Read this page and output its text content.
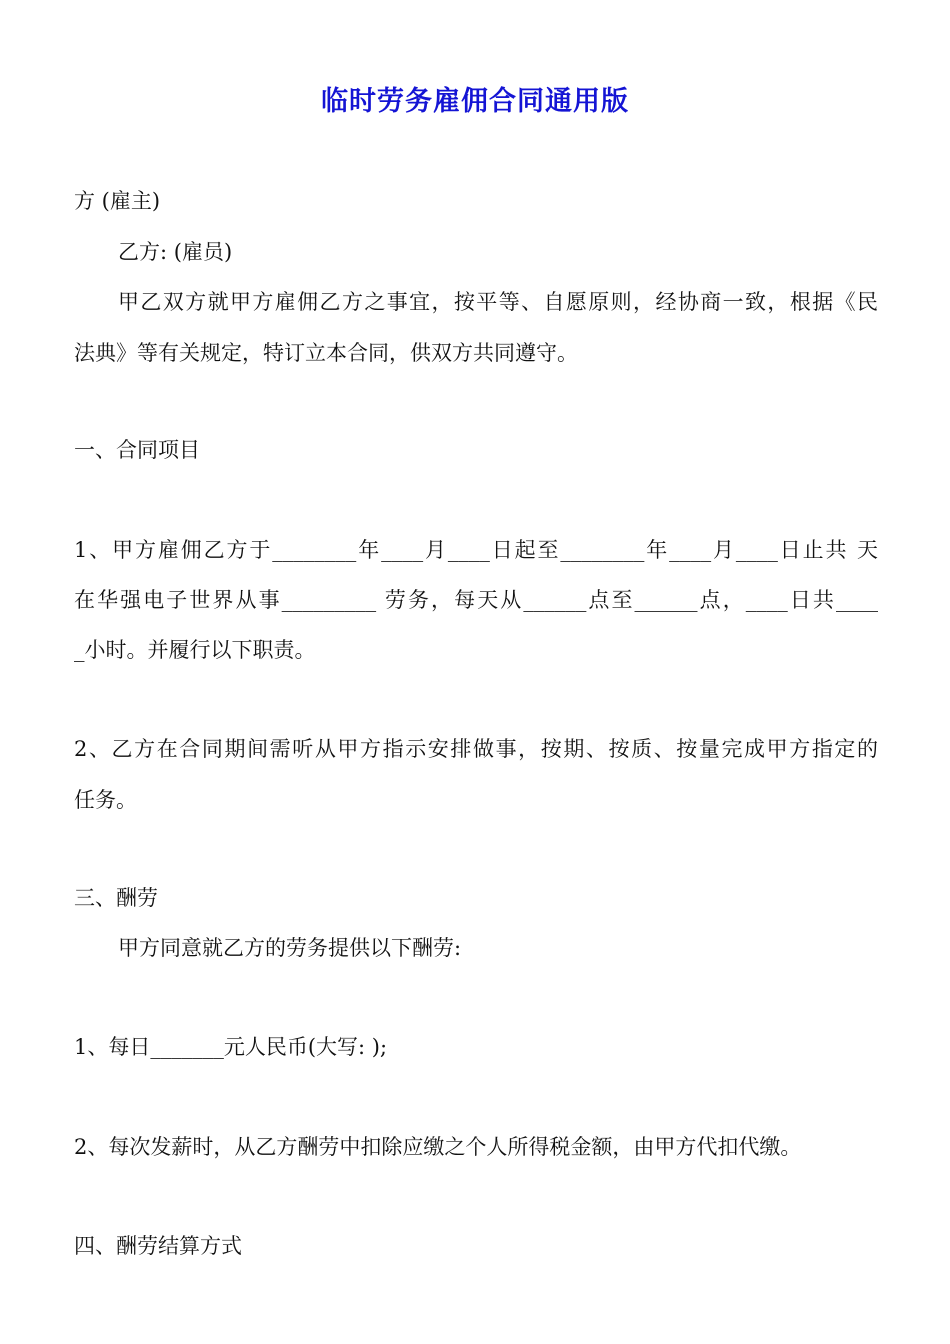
临时劳务雇佣合同通用版
方 (雇主)
乙方: (雇员)
甲乙双方就甲方雇佣乙方之事宜，按平等、自愿原则，经协商一致，根据《民
法典》等有关规定，特订立本合同，供双方共同遵守。
一、合同项目
1、甲方雇佣乙方于________年____月____日起至________年____月____日止共 天
在华强电子世界从事_________ 劳务，每天从______点至______点，____日共____
_小时。并履行以下职责。
2、乙方在合同期间需听从甲方指示安排做事，按期、按质、按量完成甲方指定的
任务。
三、酬劳
甲方同意就乙方的劳务提供以下酬劳:
1、每日_______元人民币(大写: );
2、每次发薪时，从乙方酬劳中扣除应缴之个人所得税金额，由甲方代扣代缴。
四、酬劳结算方式
